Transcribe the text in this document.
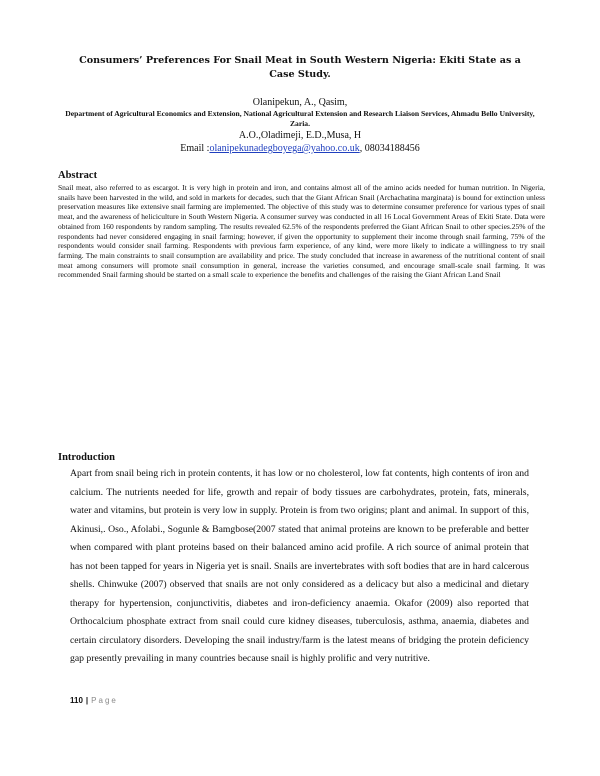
Consumers’ Preferences For Snail Meat in South Western Nigeria: Ekiti State as a Case Study.
Olanipekun, A., Qasim,
Department of Agricultural Economics and Extension, National Agricultural Extension and Research Liaison Services, Ahmadu Bello University, Zaria.
A.O.,Oladimeji, E.D.,Musa, H
Email :olanipekunadegboyega@yahoo.co.uk, 08034188456
Abstract
Snail meat, also referred to as escargot. It is very high in protein and iron, and contains almost all of the amino acids needed for human nutrition. In Nigeria, snails have been harvested in the wild, and sold in markets for decades, such that the Giant African Snail (Archachatina marginata) is bound for extinction unless preservation measures like extensive snail farming are implemented. The objective of this study was to determine consumer preference for various types of snail meat, and the awareness of heliciculture in South Western Nigeria. A consumer survey was conducted in all 16 Local Government Areas of Ekiti State. Data were obtained from 160 respondents by random sampling. The results revealed 62.5% of the respondents preferred the Giant African Snail to other species.25% of the respondents had never considered engaging in snail farming; however, if given the opportunity to supplement their income through snail farming, 75% of the respondents would consider snail farming. Respondents with previous farm experience, of any kind, were more likely to indicate a willingness to try snail farming. The main constraints to snail consumption are availability and price. The study concluded that increase in awareness of the nutritional content of snail meat among consumers will promote snail consumption in general, increase the varieties consumed, and encourage small-scale snail farming. It was recommended Snail farming should be started on a small scale to experience the benefits and challenges of the raising the Giant African Land Snail
Introduction
Apart from snail being rich in protein contents, it has low or no cholesterol, low fat contents, high contents of iron and calcium. The nutrients needed for life, growth and repair of body tissues are carbohydrates, protein, fats, minerals, water and vitamins, but protein is very low in supply. Protein is from two origins; plant and animal. In support of this, Akinusi,. Oso., Afolabi., Sogunle & Bamgbose(2007 stated that animal proteins are known to be preferable and better when compared with plant proteins based on their balanced amino acid profile. A rich source of animal protein that has not been tapped for years in Nigeria yet is snail. Snails are invertebrates with soft bodies that are in hard calcerous shells. Chinwuke (2007) observed that snails are not only considered as a delicacy but also a medicinal and dietary therapy for hypertension, conjunctivitis, diabetes and iron-deficiency anaemia. Okafor (2009) also reported that Orthocalcium phosphate extract from snail could cure kidney diseases, tuberculosis, asthma, anaemia, diabetes and certain circulatory disorders. Developing the snail industry/farm is the latest means of bridging the protein deficiency gap presently prevailing in many countries because snail is highly prolific and very nutritive.
110 | Page
